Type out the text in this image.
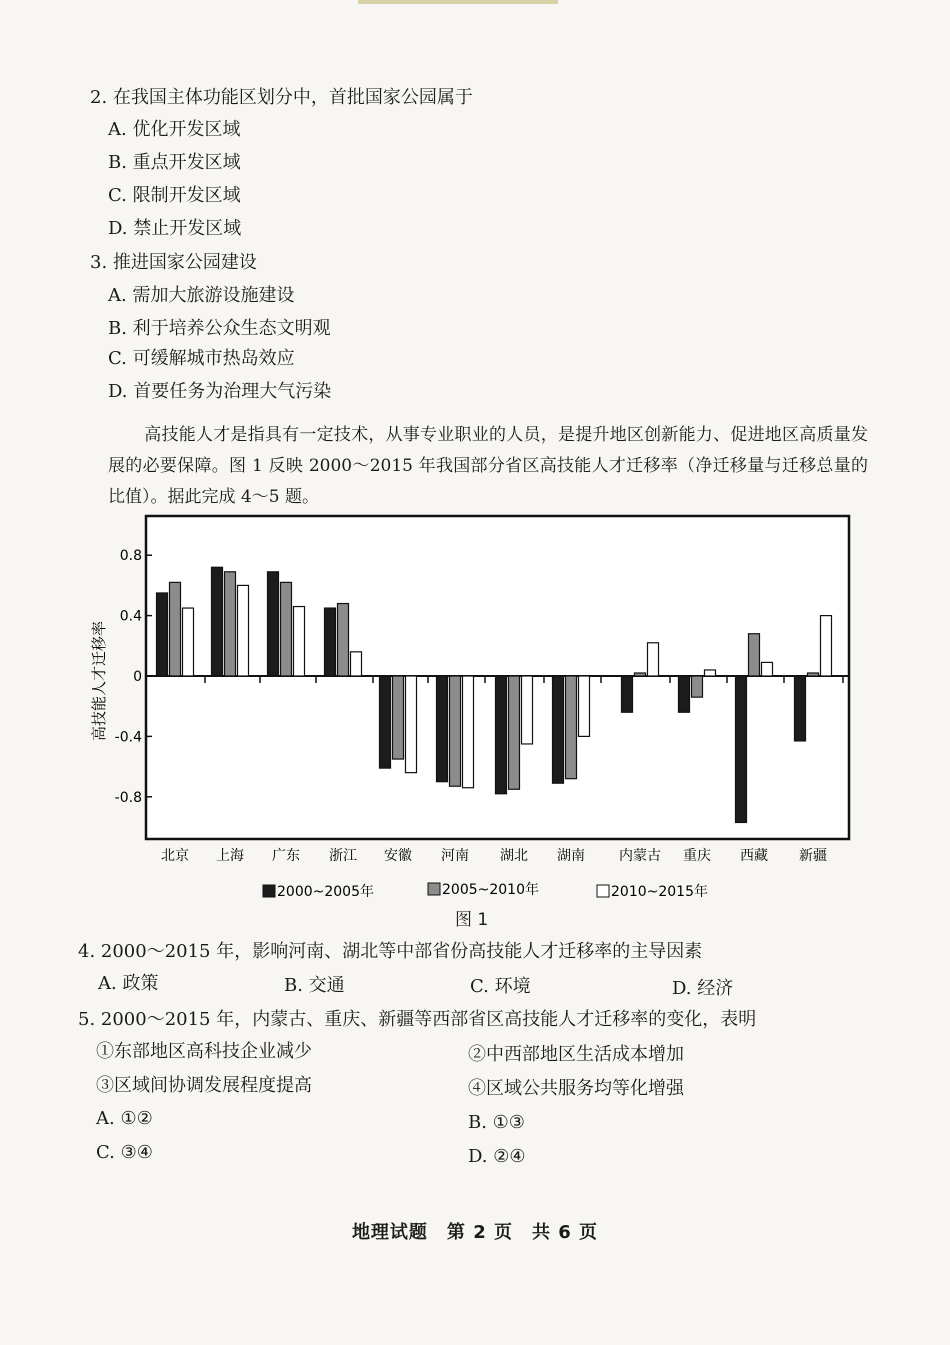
2. 在我国主体功能区划分中，首批国家公园属于
A. 优化开发区域
B. 重点开发区域
C. 限制开发区域
D. 禁止开发区域
3. 推进国家公园建设
A. 需加大旅游设施建设
B. 利于培养公众生态文明观
C. 可缓解城市热岛效应
D. 首要任务为治理大气污染
高技能人才是指具有一定技术，从事专业职业的人员，是提升地区创新能力、促进地区高质量发展的必要保障。图 1 反映 2000～2015 年我国部分省区高技能人才迁移率（净迁移量与迁移总量的比值）。据此完成 4～5 题。
高技能人才迁移率
0.8
0.4
0
-0.4
-0.8
北京 上海 广东 浙江 安徽 河南 湖北 湖南 内蒙古 重庆 西藏 新疆
2000~2005年	2005~2010年	2010~2015年
图 1
4. 2000～2015 年，影响河南、湖北等中部省份高技能人才迁移率的主导因素
A. 政策	B. 交通	C. 环境	D. 经济
5. 2000～2015 年，内蒙古、重庆、新疆等西部省区高技能人才迁移率的变化，表明
①东部地区高科技企业减少	②中西部地区生活成本增加
③区域间协调发展程度提高	④区域公共服务均等化增强
A. ①②	B. ①③
C. ③④	D. ②④
地理试题　第 2 页　共 6 页
